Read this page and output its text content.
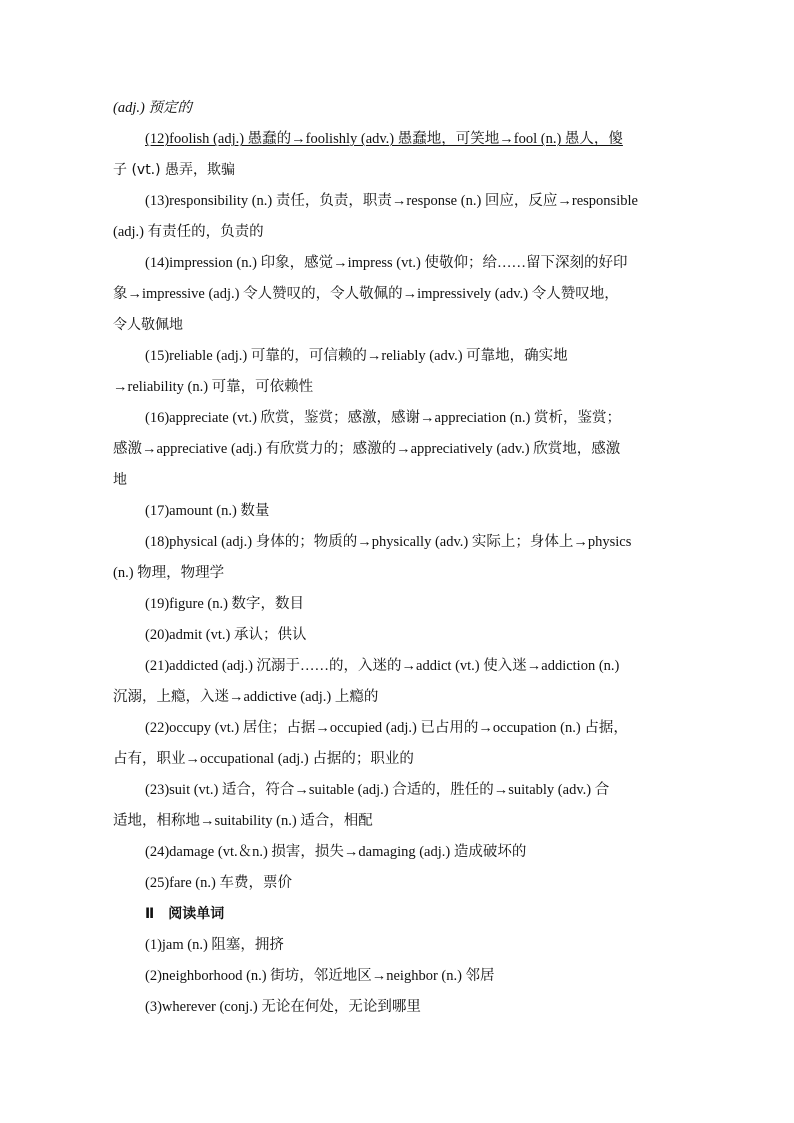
(adj.) 预定的
(12)foolish (adj.) 愚蠢的→foolishly (adv.) 愚蠢地，可笑地→fool (n.) 愚人，傻
子 (vt.) 愚弄，欺骗
(13)responsibility (n.) 责任，负责，职责→response (n.) 回应，反应→responsible
(adj.) 有责任的，负责的
(14)impression (n.) 印象，感觉→impress (vt.) 使敬仰；给……留下深刻的好印
象→impressive (adj.) 令人赞叹的，令人敬佩的→impressively (adv.) 令人赞叹地，
令人敬佩地
(15)reliable (adj.) 可靠的，可信赖的→reliably (adv.) 可靠地，确实地
→reliability (n.) 可靠，可依赖性
(16)appreciate (vt.) 欣赏，鉴赏；感激，感谢→appreciation (n.) 赏析，鉴赏；
感激→appreciative (adj.) 有欣赏力的；感激的→appreciatively (adv.) 欣赏地，感激
地
(17)amount (n.) 数量
(18)physical (adj.) 身体的；物质的→physically (adv.) 实际上；身体上→physics
(n.) 物理，物理学
(19)figure (n.) 数字，数目
(20)admit (vt.) 承认；供认
(21)addicted (adj.) 沉溺于……的，入迷的→addict (vt.) 使入迷→addiction (n.)
沉溺，上瘾，入迷→addictive (adj.) 上瘾的
(22)occupy (vt.) 居住；占据→occupied (adj.) 已占用的→occupation (n.) 占据，
占有，职业→occupational (adj.) 占据的；职业的
(23)suit (vt.) 适合，符合→suitable (adj.) 合适的，胜任的→suitably (adv.) 合
适地，相称地→suitability (n.) 适合，相配
(24)damage (vt.＆n.) 损害，损失→damaging (adj.) 造成破坏的
(25)fare (n.) 车费，票价
Ⅱ　阅读单词
(1)jam (n.) 阻塞，拥挤
(2)neighborhood (n.) 街坊，邻近地区→neighbor (n.) 邻居
(3)wherever (conj.) 无论在何处，无论到哪里
